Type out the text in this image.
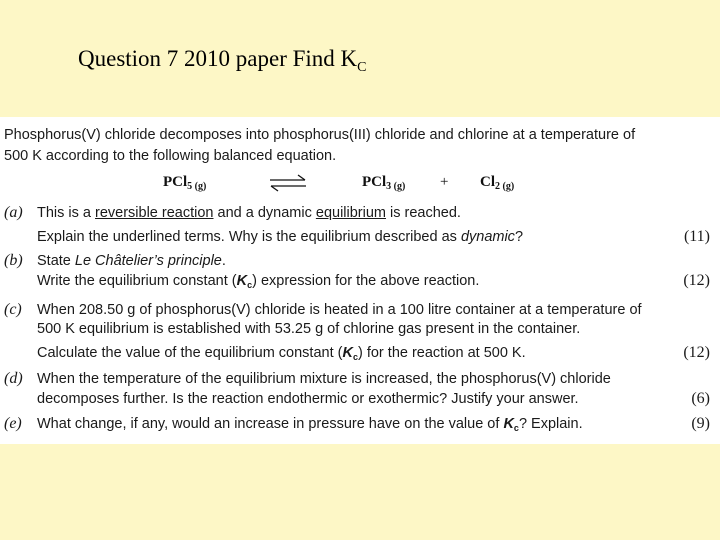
Question 7 2010 paper Find $K_C$
Phosphorus(V) chloride decomposes into phosphorus(III) chloride and chlorine at a temperature of
500 K according to the following balanced equation.
PCl$_{5 (g)}$	$PCl_{3 (g)} + Cl_{2 (g)}$
(a) This is a reversible reaction and a dynamic equilibrium is reached.
Explain the underlined terms. Why is the equilibrium described as dynamic?	(11)
(b) State Le Châtelier’s principle.
Write the equilibrium constant $(K_c)$ expression for the above reaction.	(12)
(c) When 208.50 g of phosphorus(V) chloride is heated in a 100 litre container at a temperature of
500 K equilibrium is established with 53.25 g of chlorine gas present in the container.
Calculate the value of the equilibrium constant $(K_c)$ for the reaction at 500 K.	(12)
(d) When the temperature of the equilibrium mixture is increased, the phosphorus(V) chloride
decomposes further. Is the reaction endothermic or exothermic? Justify your answer.	(6)
(e) What change, if any, would an increase in pressure have on the value of $K_c$? Explain.	(9)
